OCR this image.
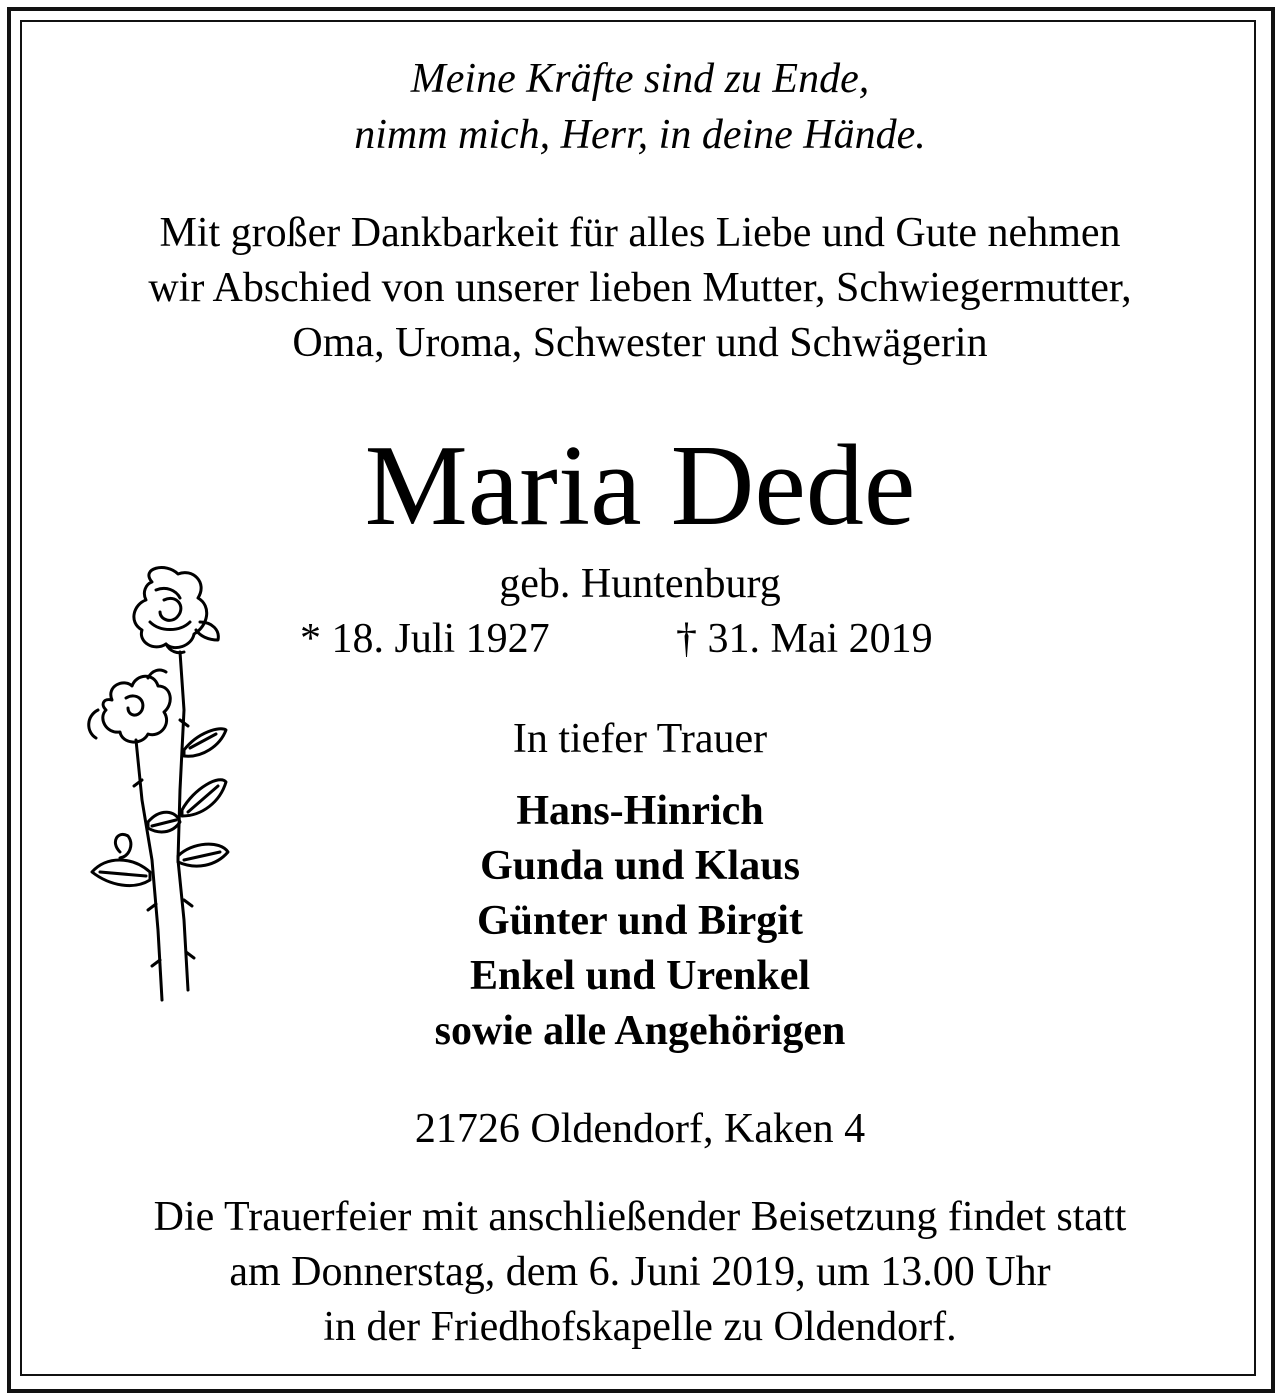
Meine Kräfte sind zu Ende,
nimm mich, Herr, in deine Hände.
Mit großer Dankbarkeit für alles Liebe und Gute nehmen
wir Abschied von unserer lieben Mutter, Schwiegermutter,
Oma, Uroma, Schwester und Schwägerin
Maria Dede
geb. Huntenburg
* 18. Juli 1927	† 31. Mai 2019
In tiefer Trauer
Hans-Hinrich
Gunda und Klaus
Günter und Birgit
Enkel und Urenkel
sowie alle Angehörigen
21726 Oldendorf, Kaken 4
Die Trauerfeier mit anschließender Beisetzung findet statt
am Donnerstag, dem 6. Juni 2019, um 13.00 Uhr
in der Friedhofskapelle zu Oldendorf.
